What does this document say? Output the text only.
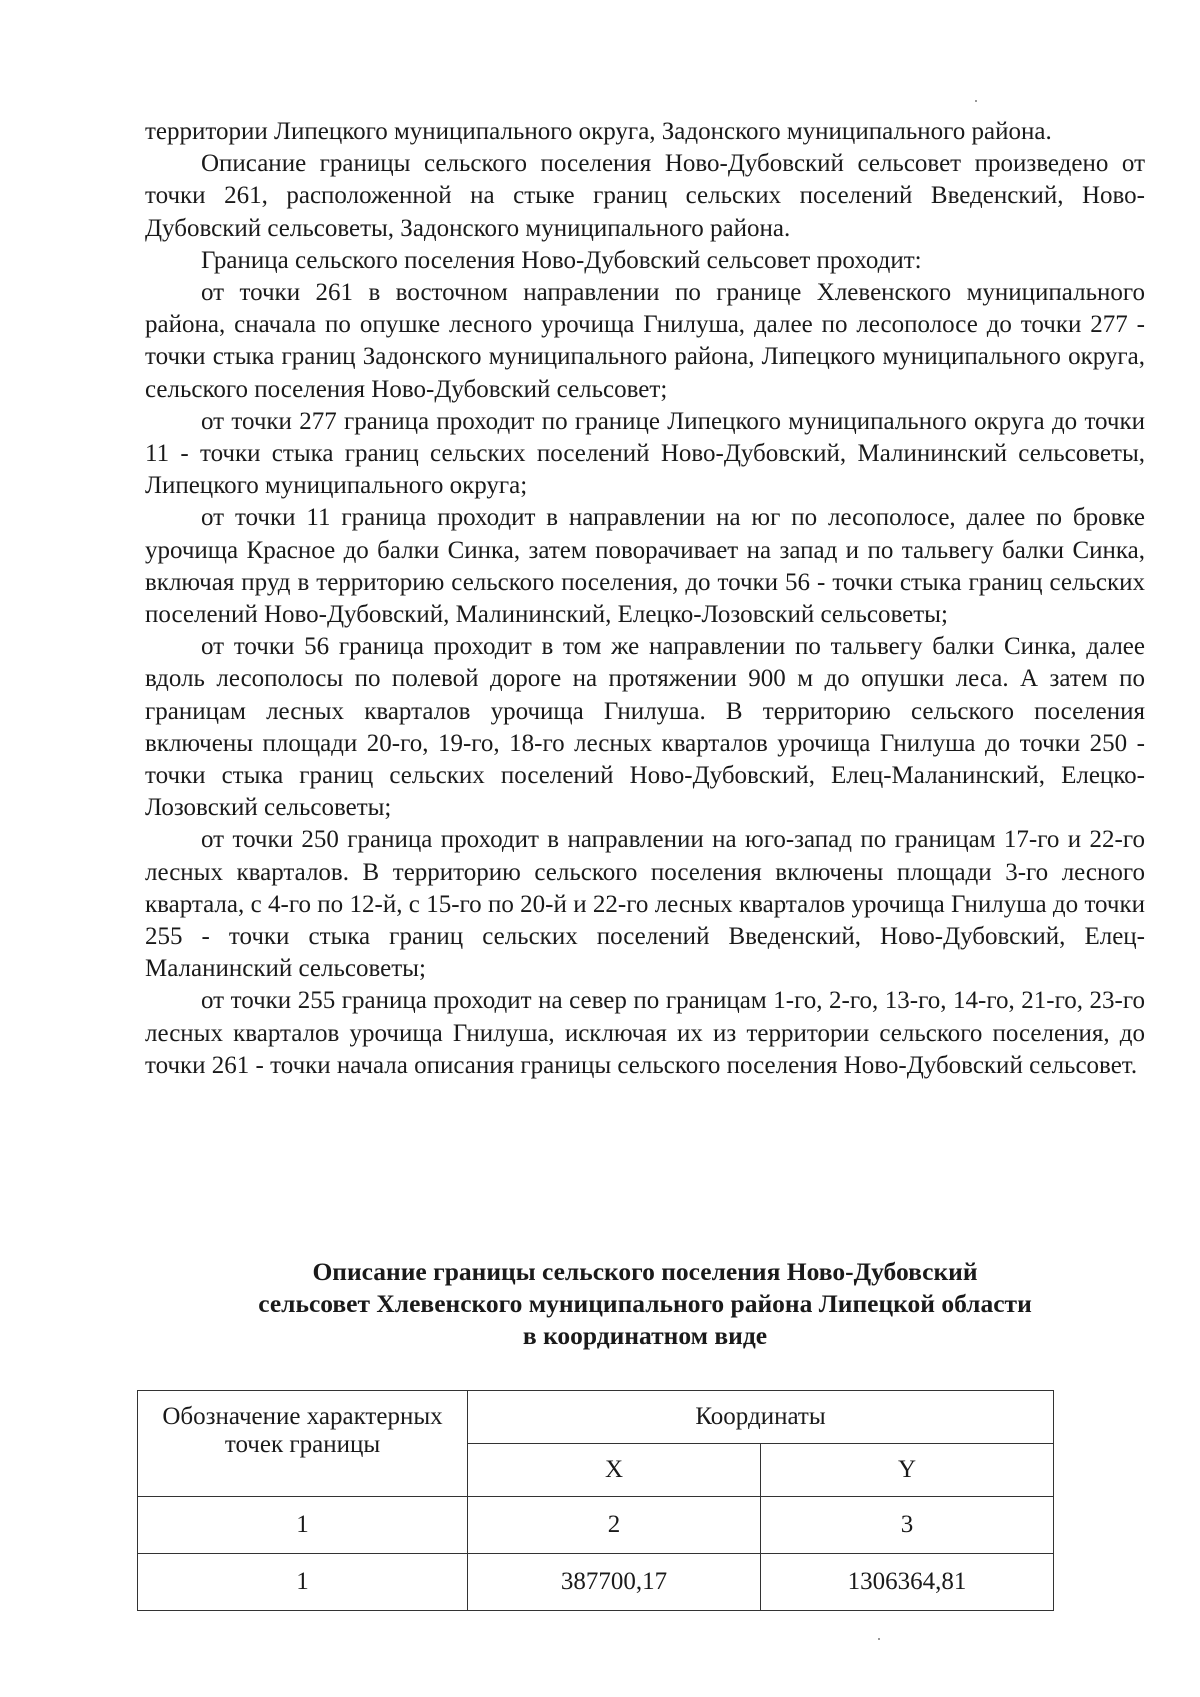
территории Липецкого муниципального округа, Задонского муниципального района.

Описание границы сельского поселения Ново-Дубовский сельсовет произведено от точки 261, расположенной на стыке границ сельских поселений Введенский, Ново-Дубовский сельсоветы, Задонского муниципального района.

Граница сельского поселения Ново-Дубовский сельсовет проходит:

от точки 261 в восточном направлении по границе Хлевенского муниципального района, сначала по опушке лесного урочища Гнилуша, далее по лесополосе до точки 277 - точки стыка границ Задонского муниципального района, Липецкого муниципального округа, сельского поселения Ново-Дубовский сельсовет;

от точки 277 граница проходит по границе Липецкого муниципального округа до точки 11 - точки стыка границ сельских поселений Ново-Дубовский, Малининский сельсоветы, Липецкого муниципального округа;

от точки 11 граница проходит в направлении на юг по лесополосе, далее по бровке урочища Красное до балки Синка, затем поворачивает на запад и по тальвегу балки Синка, включая пруд в территорию сельского поселения, до точки 56 - точки стыка границ сельских поселений Ново-Дубовский, Малининский, Елецко-Лозовский сельсоветы;

от точки 56 граница проходит в том же направлении по тальвегу балки Синка, далее вдоль лесополосы по полевой дороге на протяжении 900 м до опушки леса. А затем по границам лесных кварталов урочища Гнилуша. В территорию сельского поселения включены площади 20-го, 19-го, 18-го лесных кварталов урочища Гнилуша до точки 250 - точки стыка границ сельских поселений Ново-Дубовский, Елец-Маланинский, Елецко-Лозовский сельсоветы;

от точки 250 граница проходит в направлении на юго-запад по границам 17-го и 22-го лесных кварталов. В территорию сельского поселения включены площади 3-го лесного квартала, с 4-го по 12-й, с 15-го по 20-й и 22-го лесных кварталов урочища Гнилуша до точки 255 - точки стыка границ сельских поселений Введенский, Ново-Дубовский, Елец-Маланинский сельсоветы;

от точки 255 граница проходит на север по границам 1-го, 2-го, 13-го, 14-го, 21-го, 23-го лесных кварталов урочища Гнилуша, исключая их из территории сельского поселения, до точки 261 - точки начала описания границы сельского поселения Ново-Дубовский сельсовет.

Описание границы сельского поселения Ново-Дубовский
сельсовет Хлевенского муниципального района Липецкой области
в координатном виде
Обозначение характерных точек границы	Координаты	
	X	Y
1	2	3
1	387700,17	1306364,81
